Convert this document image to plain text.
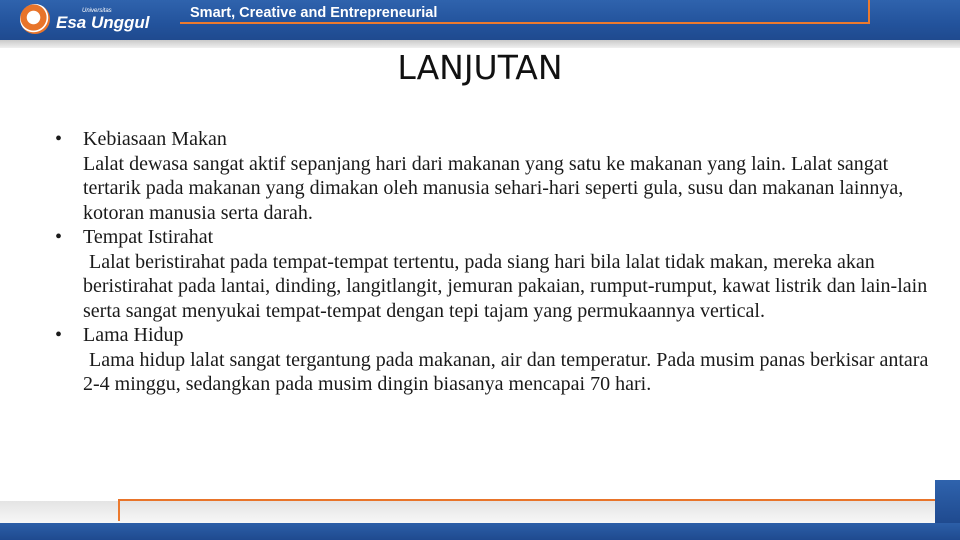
Universitas
Esa Unggul	Smart, Creative and Entrepreneurial
LANJUTAN
•	Kebiasaan Makan
Lalat dewasa sangat aktif sepanjang hari dari makanan yang satu ke makanan yang lain. Lalat sangat tertarik pada makanan yang dimakan oleh manusia sehari-hari seperti gula, susu dan makanan lainnya, kotoran manusia serta darah.
•	Tempat Istirahat
Lalat beristirahat pada tempat-tempat tertentu, pada siang hari bila lalat tidak makan, mereka akan beristirahat pada lantai, dinding, langitlangit, jemuran pakaian, rumput-rumput, kawat listrik dan lain-lain serta sangat menyukai tempat-tempat dengan tepi tajam yang permukaannya vertical.
•	Lama Hidup
Lama hidup lalat sangat tergantung pada makanan, air dan temperatur. Pada musim panas berkisar antara 2-4 minggu, sedangkan pada musim dingin biasanya mencapai 70 hari.
